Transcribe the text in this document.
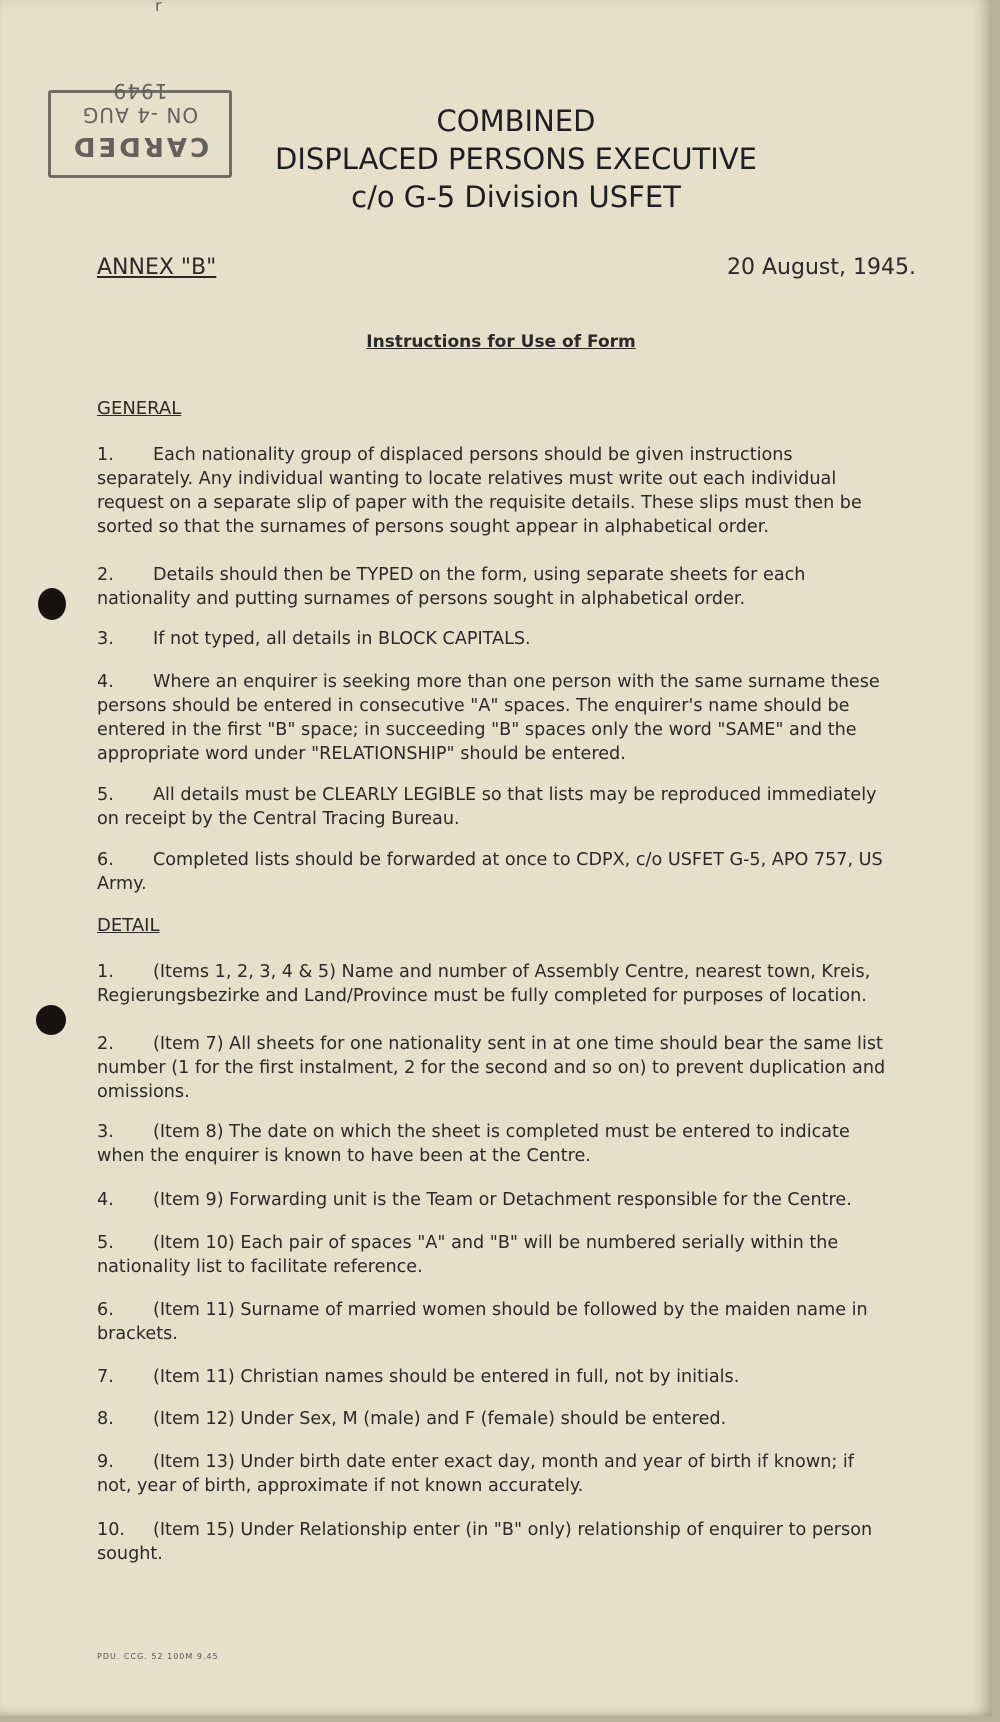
CARDED
ON -4 AUG 1949
COMBINED
DISPLACED PERSONS EXECUTIVE
c/o G-5 Division USFET
ANNEX "B"	20 August, 1945.
Instructions for Use of Form
GENERAL
1. Each nationality group of displaced persons should be given instructions separately. Any individual wanting to locate relatives must write out each individual request on a separate slip of paper with the requisite details. These slips must then be sorted so that the surnames of persons sought appear in alphabetical order.
2. Details should then be TYPED on the form, using separate sheets for each nationality and putting surnames of persons sought in alphabetical order.
3. If not typed, all details in BLOCK CAPITALS.
4. Where an enquirer is seeking more than one person with the same surname these persons should be entered in consecutive "A" spaces. The enquirer's name should be entered in the first "B" space; in succeeding "B" spaces only the word "SAME" and the appropriate word under "RELATIONSHIP" should be entered.
5. All details must be CLEARLY LEGIBLE so that lists may be reproduced immediately on receipt by the Central Tracing Bureau.
6. Completed lists should be forwarded at once to CDPX, c/o USFET G-5, APO 757, US Army.
DETAIL
1. (Items 1, 2, 3, 4 & 5) Name and number of Assembly Centre, nearest town, Kreis, Regierungsbezirke and Land/Province must be fully completed for purposes of location.
2. (Item 7) All sheets for one nationality sent in at one time should bear the same list number (1 for the first instalment, 2 for the second and so on) to prevent duplication and omissions.
3. (Item 8) The date on which the sheet is completed must be entered to indicate when the enquirer is known to have been at the Centre.
4. (Item 9) Forwarding unit is the Team or Detachment responsible for the Centre.
5. (Item 10) Each pair of spaces "A" and "B" will be numbered serially within the nationality list to facilitate reference.
6. (Item 11) Surname of married women should be followed by the maiden name in brackets.
7. (Item 11) Christian names should be entered in full, not by initials.
8. (Item 12) Under Sex, M (male) and F (female) should be entered.
9. (Item 13) Under birth date enter exact day, month and year of birth if known; if not, year of birth, approximate if not known accurately.
10. (Item 15) Under Relationship enter (in "B" only) relationship of enquirer to person sought.
PDU. CCG. 52 100M 9.45
r
